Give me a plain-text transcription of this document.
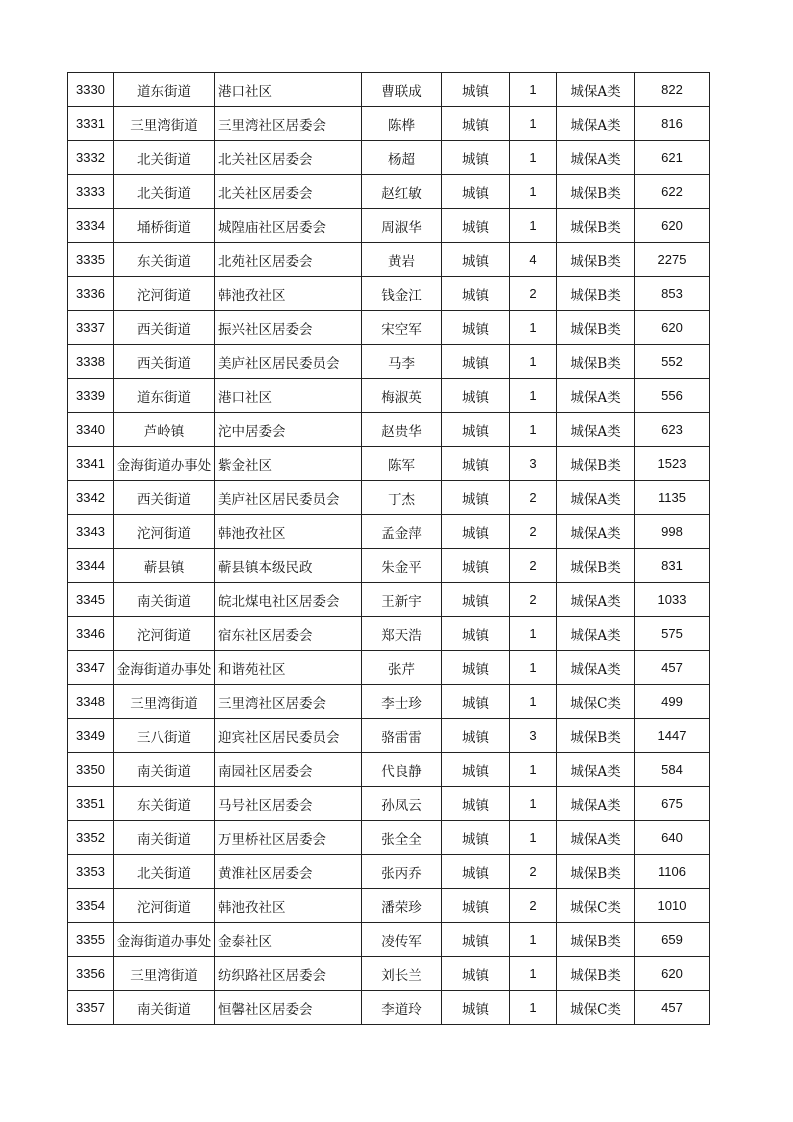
3330	道东街道	港口社区	曹联成	城镇	1	城保A类	822
3331	三里湾街道	三里湾社区居委会	陈桦	城镇	1	城保A类	816
3332	北关街道	北关社区居委会	杨超	城镇	1	城保A类	621
3333	北关街道	北关社区居委会	赵红敏	城镇	1	城保B类	622
3334	埇桥街道	城隍庙社区居委会	周淑华	城镇	1	城保B类	620
3335	东关街道	北苑社区居委会	黄岩	城镇	4	城保B类	2275
3336	沱河街道	韩池孜社区	钱金江	城镇	2	城保B类	853
3337	西关街道	振兴社区居委会	宋空军	城镇	1	城保B类	620
3338	西关街道	美庐社区居民委员会	马李	城镇	1	城保B类	552
3339	道东街道	港口社区	梅淑英	城镇	1	城保A类	556
3340	芦岭镇	沱中居委会	赵贵华	城镇	1	城保A类	623
3341	金海街道办事处	紫金社区	陈军	城镇	3	城保B类	1523
3342	西关街道	美庐社区居民委员会	丁杰	城镇	2	城保A类	1135
3343	沱河街道	韩池孜社区	孟金萍	城镇	2	城保A类	998
3344	蕲县镇	蕲县镇本级民政	朱金平	城镇	2	城保B类	831
3345	南关街道	皖北煤电社区居委会	王新宇	城镇	2	城保A类	1033
3346	沱河街道	宿东社区居委会	郑天浩	城镇	1	城保A类	575
3347	金海街道办事处	和谐苑社区	张芹	城镇	1	城保A类	457
3348	三里湾街道	三里湾社区居委会	李士珍	城镇	1	城保C类	499
3349	三八街道	迎宾社区居民委员会	骆雷雷	城镇	3	城保B类	1447
3350	南关街道	南园社区居委会	代良静	城镇	1	城保A类	584
3351	东关街道	马号社区居委会	孙凤云	城镇	1	城保A类	675
3352	南关街道	万里桥社区居委会	张全全	城镇	1	城保A类	640
3353	北关街道	黄淮社区居委会	张丙乔	城镇	2	城保B类	1106
3354	沱河街道	韩池孜社区	潘荣珍	城镇	2	城保C类	1010
3355	金海街道办事处	金泰社区	凌传军	城镇	1	城保B类	659
3356	三里湾街道	纺织路社区居委会	刘长兰	城镇	1	城保B类	620
3357	南关街道	恒馨社区居委会	李道玲	城镇	1	城保C类	457
